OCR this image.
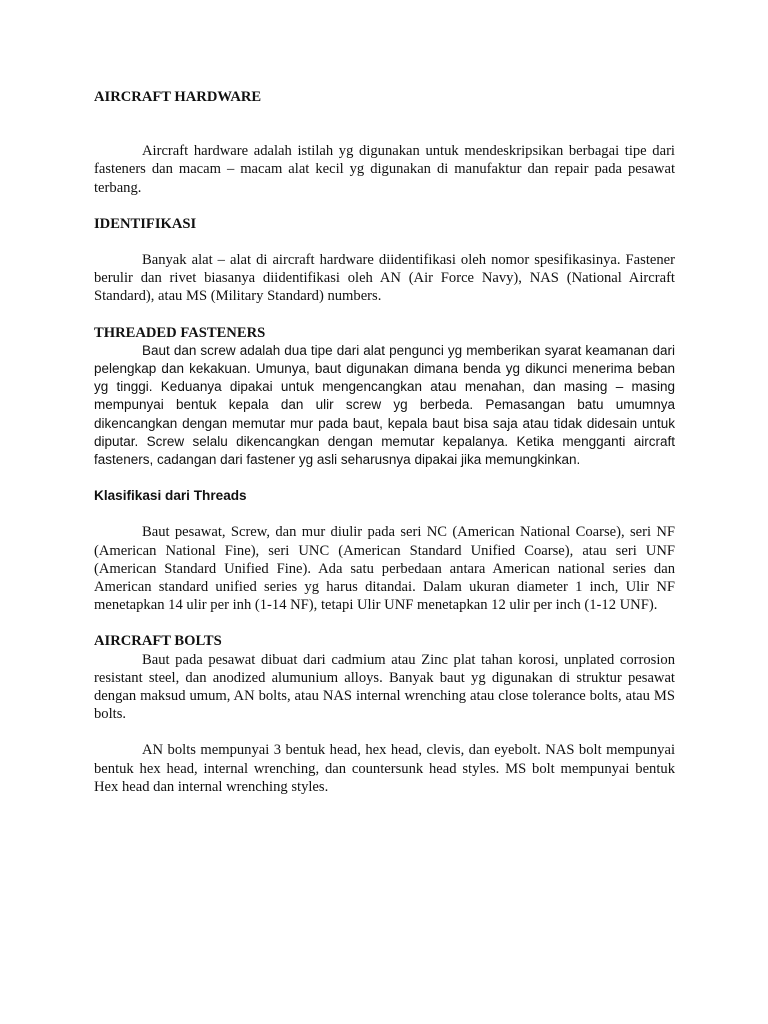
AIRCRAFT HARDWARE

Aircraft hardware adalah istilah yg digunakan untuk mendeskripsikan berbagai tipe dari fasteners dan macam – macam alat kecil yg digunakan di manufaktur dan repair pada pesawat terbang.

IDENTIFIKASI

Banyak alat – alat di aircraft hardware diidentifikasi oleh nomor spesifikasinya. Fastener berulir dan rivet biasanya diidentifikasi oleh AN (Air Force Navy), NAS (National Aircraft Standard), atau MS (Military Standard) numbers.

THREADED FASTENERS

Baut dan screw adalah dua tipe dari alat pengunci yg memberikan syarat keamanan dari pelengkap dan kekakuan. Umunya, baut digunakan dimana benda yg dikunci menerima beban yg tinggi. Keduanya dipakai untuk mengencangkan atau menahan, dan masing – masing mempunyai bentuk kepala dan ulir screw yg berbeda. Pemasangan batu umumnya dikencangkan dengan memutar mur pada baut, kepala baut bisa saja atau tidak didesain untuk diputar. Screw selalu dikencangkan dengan memutar kepalanya. Ketika mengganti aircraft fasteners, cadangan dari fastener yg asli seharusnya dipakai jika memungkinkan.

Klasifikasi dari Threads

Baut pesawat, Screw, dan mur diulir pada seri NC (American National Coarse), seri NF (American National Fine), seri UNC (American Standard Unified Coarse), atau seri UNF (American Standard Unified Fine). Ada satu perbedaan antara American national series dan American standard unified series yg harus ditandai. Dalam ukuran diameter 1 inch, Ulir NF menetapkan 14 ulir per inh (1-14 NF), tetapi Ulir UNF menetapkan 12 ulir per inch (1-12 UNF).

AIRCRAFT BOLTS

Baut pada pesawat dibuat dari cadmium atau Zinc plat tahan korosi, unplated corrosion resistant steel, dan anodized alumunium alloys. Banyak baut yg digunakan di struktur pesawat dengan maksud umum, AN bolts, atau NAS internal wrenching atau close tolerance bolts, atau MS bolts.

AN bolts mempunyai 3 bentuk head, hex head, clevis, dan eyebolt. NAS bolt mempunyai bentuk hex head, internal wrenching, dan countersunk head styles. MS bolt mempunyai bentuk Hex head dan internal wrenching styles.
